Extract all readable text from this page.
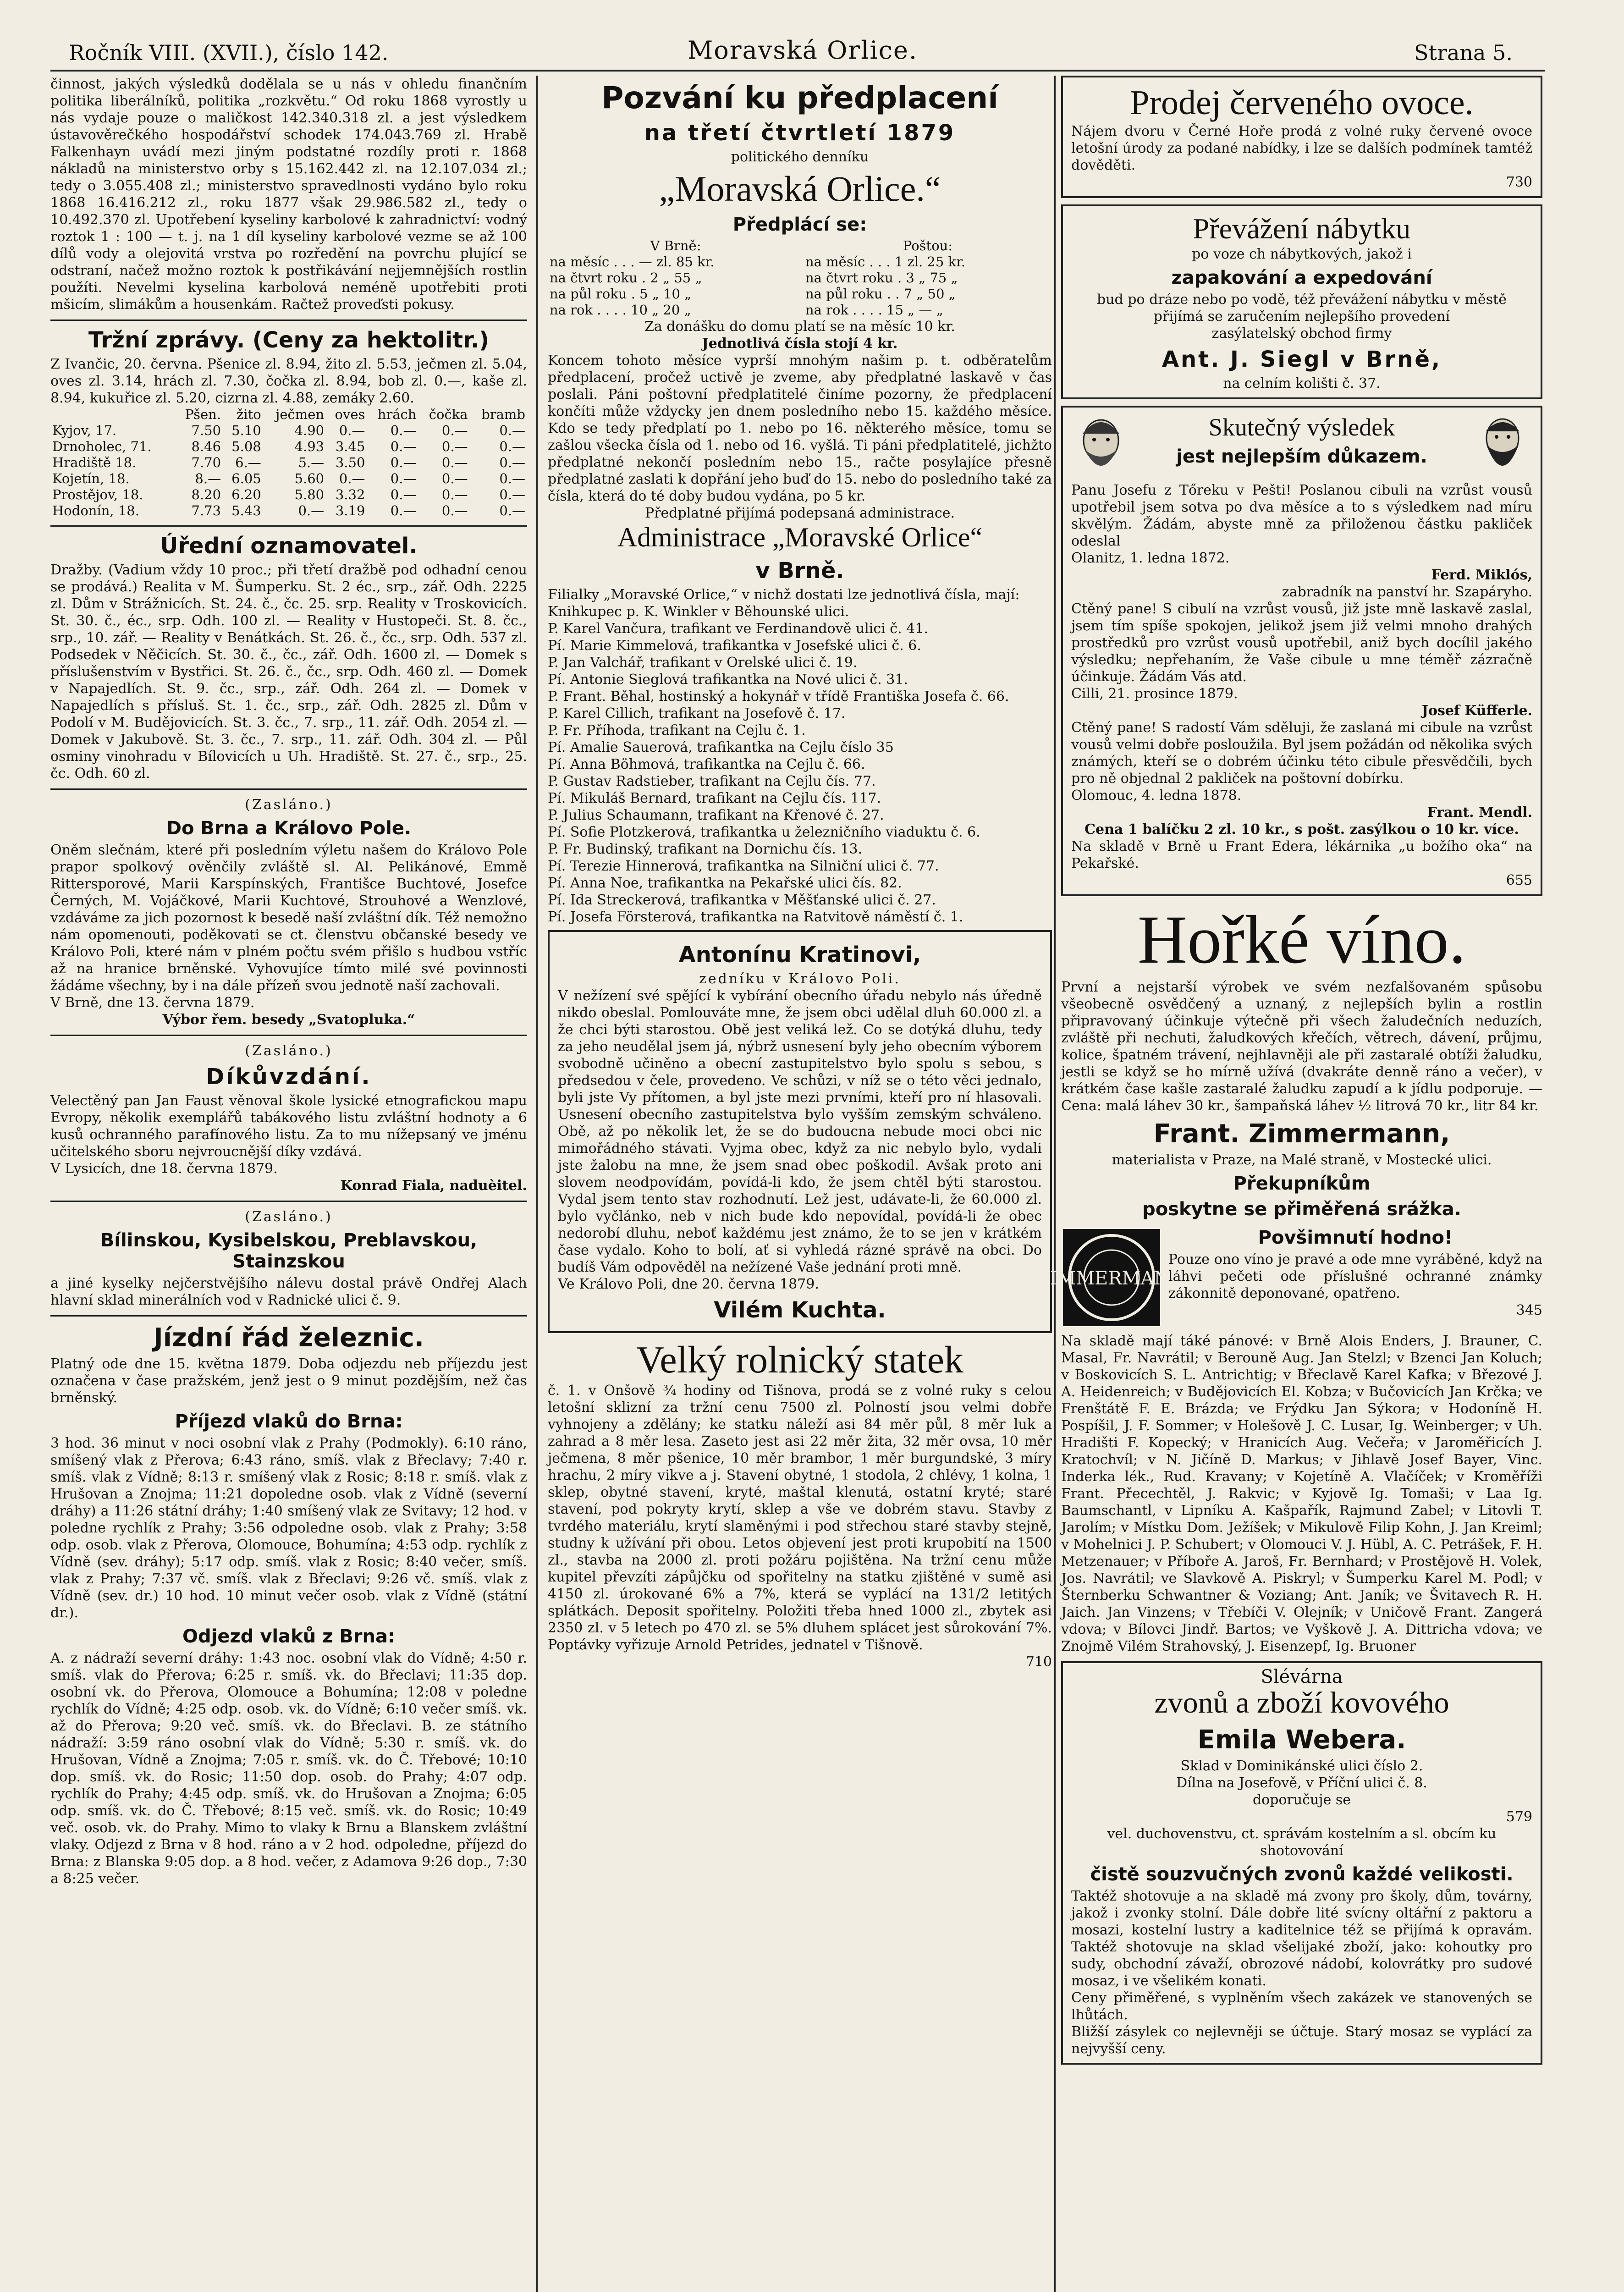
Ročník VIII. (XVII.), číslo 142.	Moravská Orlice.	Strana 5.

činnost, jakých výsledků dodělala se u nás v ohledu finančním politika liberálníků, politika „rozkvětu.“ Od roku 1868 vyrostly u nás vydaje pouze o maličkost 142.340.318 zl. a jest výsledkem ústavověrečkého hospodářství schodek 174.043.769 zl. Hrabě Falkenhayn uvádí mezi jiným podstatné rozdíly proti r. 1868 nákladů na ministerstvo orby s 15.162.442 zl. na 12.107.034 zl.; tedy o 3.055.408 zl.; ministerstvo spravedlnosti vydáno bylo roku 1868 16.416.212 zl., roku 1877 však 29.986.582 zl., tedy o 10.492.370 zl. Upotřebení kyseliny karbolové k zahradnictví: vodný roztok 1 : 100 — t. j. na 1 díl kyseliny karbolové vezme se až 100 dílů vody a olejovitá vrstva po rozředění na povrchu plující se odstraní, načež možno roztok k postřikávání nejjemnějších rostlin použíti. Nevelmi kyselina karbolová neméně upotřebiti proti mšicím, slimákům a housenkám. Račtež proveďsti pokusy.

Tržní zprávy. (Ceny za hektolitr.)

Z Ivančic, 20. června. Pšenice zl. 8.94, žito zl. 5.53, ječmen zl. 5.04, oves zl. 3.14, hrách zl. 7.30, čočka zl. 8.94, bob zl. 0.—, kaše zl. 8.94, kukuřice zl. 5.20, cizrna zl. 4.88, zemáky 2.60.

	Pšen.	žito	ječmen	oves	hrách	čočka	bramb
Kyjov, 17.	7.50	5.10	4.90	0.—	0.—	0.—	0.—
Drnoholec, 71.	8.46	5.08	4.93	3.45	0.—	0.—	0.—
Hradiště 18.	7.70	6.—	5.—	3.50	0.—	0.—	0.—
Kojetín, 18.	8.—	6.05	5.60	0.—	0.—	0.—	0.—
Prostějov, 18.	8.20	6.20	5.80	3.32	0.—	0.—	0.—
Hodonín, 18.	7.73	5.43	0.—	3.19	0.—	0.—	0.—
Úřední oznamovatel.

Dražby. (Vadium vždy 10 proc.; při třetí dražbě pod odhadní cenou se prodává.) Realita v M. Šumperku. St. 2 éc., srp., zář. Odh. 2225 zl. Dům v Strážnicích. St. 24. č., čc. 25. srp. Reality v Troskovicích. St. 30. č., éc., srp. Odh. 100 zl. — Reality v Hustopeči. St. 8. čc., srp., 10. zář. — Reality v Benátkách. St. 26. č., čc., srp. Odh. 537 zl. Podsedek v Něčicích. St. 30. č., čc., zář. Odh. 1600 zl. — Domek s příslušenstvím v Bystřici. St. 26. č., čc., srp. Odh. 460 zl. — Domek v Napajedlích. St. 9. čc., srp., zář. Odh. 264 zl. — Domek v Napajedlích s přísluš. St. 1. čc., srp., zář. Odh. 2825 zl. Dům v Podolí v M. Budějovicích. St. 3. čc., 7. srp., 11. zář. Odh. 2054 zl. — Domek v Jakubově. St. 3. čc., 7. srp., 11. zář. Odh. 304 zl. — Půl osminy vinohradu v Bílovicích u Uh. Hradiště. St. 27. č., srp., 25. čc. Odh. 60 zl.

(Zasláno.)
Do Brna a Královo Pole.

Oněm slečnám, které při posledním výletu našem do Královo Pole prapor spolkový ověnčily zvláště sl. Al. Pelikánové, Emmě Rittersporové, Marii Karspínských, Františce Buchtové, Josefce Černých, M. Vojáčkové, Marii Kuchtové, Strouhové a Wenzlové, vzdáváme za jich pozornost k besedě naší zvláštní dík. Též nemožno nám opomenouti, poděkovati se ct. členstvu občanské besedy ve Královo Poli, které nám v plném počtu svém přišlo s hudbou vstříc až na hranice brněnské. Vyhovujíce tímto milé své povinnosti žádáme všechny, by i na dále přízeň svou jednotě naší zachovali.

V Brně, dne 13. června 1879.

Výbor řem. besedy „Svatopluka.“

(Zasláno.)
Díkůvzdání.

Velectěný pan Jan Faust věnoval škole lysické etnografickou mapu Evropy, několik exemplářů tabákového listu zvláštní hodnoty a 6 kusů ochranného parafínového listu. Za to mu nížepsaný ve jménu učitelského sboru nejvroucnější díky vzdává.

V Lysicích, dne 18. června 1879.

Konrad Fiala, naduèitel.

(Zasláno.)
Bílinskou, Kysibelskou, Preblavskou, Stainzskou

a jiné kyselky nejčerstvějšího nálevu dostal právě Ondřej Alach hlavní sklad minerálních vod v Radnické ulici č. 9.

Jízdní řád železnic.

Platný ode dne 15. května 1879. Doba odjezdu neb příjezdu jest označena v čase pražském, jenž jest o 9 minut pozdějším, než čas brněnský.

Příjezd vlaků do Brna:

3 hod. 36 minut v noci osobní vlak z Prahy (Podmokly). 6:10 ráno, smíšený vlak z Přerova; 6:43 ráno, smíš. vlak z Břeclavy; 7:40 r. smíš. vlak z Vídně; 8:13 r. smíšený vlak z Rosic; 8:18 r. smíš. vlak z Hrušovan a Znojma; 11:21 dopoledne osob. vlak z Vídně (severní dráhy) a 11:26 státní dráhy; 1:40 smíšený vlak ze Svitavy; 12 hod. v poledne rychlík z Prahy; 3:56 odpoledne osob. vlak z Prahy; 3:58 odp. osob. vlak z Přerova, Olomouce, Bohumína; 4:53 odp. rychlík z Vídně (sev. dráhy); 5:17 odp. smíš. vlak z Rosic; 8:40 večer, smíš. vlak z Prahy; 7:37 vč. smíš. vlak z Břeclavi; 9:26 vč. smíš. vlak z Vídně (sev. dr.) 10 hod. 10 minut večer osob. vlak z Vídně (státní dr.).

Odjezd vlaků z Brna:

A. z nádraží severní dráhy: 1:43 noc. osobní vlak do Vídně; 4:50 r. smíš. vlak do Přerova; 6:25 r. smíš. vk. do Břeclavi; 11:35 dop. osobní vk. do Přerova, Olomouce a Bohumína; 12:08 v poledne rychlík do Vídně; 4:25 odp. osob. vk. do Vídně; 6:10 večer smíš. vk. až do Přerova; 9:20 več. smíš. vk. do Břeclavi. B. ze státního nádraží: 3:59 ráno osobní vlak do Vídně; 5:30 r. smíš. vk. do Hrušovan, Vídně a Znojma; 7:05 r. smíš. vk. do Č. Třebové; 10:10 dop. smíš. vk. do Rosic; 11:50 dop. osob. do Prahy; 4:07 odp. rychlík do Prahy; 4:45 odp. smíš. vk. do Hrušovan a Znojma; 6:05 odp. smíš. vk. do Č. Třebové; 8:15 več. smíš. vk. do Rosic; 10:49 več. osob. vk. do Prahy. Mimo to vlaky k Brnu a Blanskem zvláštní vlaky. Odjezd z Brna v 8 hod. ráno a v 2 hod. odpoledne, příjezd do Brna: z Blanska 9:05 dop. a 8 hod. večer, z Adamova 9:26 dop., 7:30 a 8:25 večer.

Pozvání ku předplacení
na třetí čtvrtletí 1879
politického denníku
„Moravská Orlice.“
Předplácí se:
V Brně:	Poštou:
na měsíc . . . — zl. 85 kr.	na měsíc . . . 1 zl. 25 kr.
na čtvrt roku . 2 „ 55 „	na čtvrt roku . 3 „ 75 „
na půl roku . 5 „ 10 „	na půl roku . . 7 „ 50 „
na rok . . . . 10 „ 20 „	na rok . . . . 15 „ — „

Za donášku do domu platí se na měsíc 10 kr.

Jednotlivá čísla stojí 4 kr.

Koncem tohoto měsíce vyprší mnohým našim p. t. odběratelům předplacení, pročež uctivě je zveme, aby předplatné laskavě v čas poslali. Páni poštovní předplatitelé činíme pozorny, že předplacení končíti může vždycky jen dnem posledního nebo 15. každého měsíce. Kdo se tedy předplatí po 1. nebo po 16. některého měsíce, tomu se zašlou všecka čísla od 1. nebo od 16. vyšlá. Ti páni předplatitelé, jichžto předplatné nekončí posledním nebo 15., račte posylajíce přesně předplatné zaslati k dopřání jeho buď do 15. nebo do posledního také za čísla, která do té doby budou vydána, po 5 kr.

Předplatné přijímá podepsaná administrace.

Administrace „Moravské Orlice“
v Brně.

Filialky „Moravské Orlice,“ v nichž dostati lze jednotlivá čísla, mají:

Knihkupec p. K. Winkler v Běhounské ulici.

P. Karel Vančura, trafikant ve Ferdinandově ulici č. 41.

Pí. Marie Kimmelová, trafikantka v Josefské ulici č. 6.

P. Jan Valchář, trafikant v Orelské ulici č. 19.

Pí. Antonie Sieglová trafikantka na Nové ulici č. 31.

P. Frant. Běhal, hostinský a hokynář v třídě Františka Josefa č. 66.

P. Karel Cillich, trafikant na Josefově č. 17.

P. Fr. Příhoda, trafikant na Cejlu č. 1.

Pí. Amalie Sauerová, trafikantka na Cejlu číslo 35

Pí. Anna Böhmová, trafikantka na Cejlu č. 66.

P. Gustav Radstieber, trafikant na Cejlu čís. 77.

Pí. Mikuláš Bernard, trafikant na Cejlu čís. 117.

P. Julius Schaumann, trafikant na Křenové č. 27.

Pí. Sofie Plotzkerová, trafikantka u železničního viaduktu č. 6.

P. Fr. Budinský, trafikant na Dornichu čís. 13.

Pí. Terezie Hinnerová, trafikantka na Silniční ulici č. 77.

Pí. Anna Noe, trafikantka na Pekařské ulici čís. 82.

Pí. Ida Streckerová, trafikantka v Měšťanské ulici č. 27.

Pí. Josefa Försterová, trafikantka na Ratvitově náměstí č. 1.

Antonínu Kratinovi,
zedníku v Královo Poli.

V nežízení své spějící k vybírání obecního úřadu nebylo nás úředně nikdo obeslal. Pomlouváte mne, že jsem obci udělal dluh 60.000 zl. a že chci býti starostou. Obě jest veliká lež. Co se dotýká dluhu, tedy za jeho neudělal jsem já, nýbrž usnesení byly jeho obecním výborem svobodně učiněno a obecní zastupitelstvo bylo spolu s sebou, s předsedou v čele, provedeno. Ve schůzi, v níž se o této věci jednalo, byli jste Vy přítomen, a byl jste mezi prvními, kteří pro ní hlasovali. Usnesení obecního zastupitelstva bylo vyšším zemským schváleno. Obě, až po několik let, že se do budoucna nebude moci obci nic mimořádného stávati. Vyjma obec, když za nic nebylo bylo, vydali jste žalobu na mne, že jsem snad obec poškodil. Avšak proto ani slovem neodpovídám, povídá-li kdo, že jsem chtěl býti starostou. Vydal jsem tento stav rozhodnutí. Lež jest, udávate-li, že 60.000 zl. bylo vyčlánko, neb v nich bude kdo nepovídal, povídá-li že obec nedorobí dluhu, neboť každému jest známo, že to se jen v krátkém čase vydalo. Koho to bolí, ať si vyhledá rázné správě na obci. Do budíš Vám odpověděl na nežízené Vaše jednání proti mně.

Ve Královo Poli, dne 20. června 1879.

Vilém Kuchta.
Velký rolnický statek

č. 1. v Onšově ¾ hodiny od Tišnova, prodá se z volné ruky s celou letošní sklizní za tržní cenu 7500 zl. Polností jsou velmi dobře vyhnojeny a zdělány; ke statku náleží asi 84 měr půl, 8 měr luk a zahrad a 8 měr lesa. Zaseto jest asi 22 měr žita, 32 měr ovsa, 10 měr ječmena, 8 měr pšenice, 10 měr brambor, 1 měr burgundské, 3 míry hrachu, 2 míry vikve a j. Stavení obytné, 1 stodola, 2 chlévy, 1 kolna, 1 sklep, obytné stavení, kryté, maštal klenutá, ostatní kryté; staré stavení, pod pokryty krytí, sklep a vše ve dobrém stavu. Stavby z tvrdého materiálu, krytí slaměnými i pod střechou staré stavby stejně, studny k užívání při obou. Letos objevení jest proti krupobití na 1500 zl., stavba na 2000 zl. proti požáru pojištěna. Na tržní cenu může kupitel převzíti zápůjčku od spořitelny na statku zjištěné v sumě asi 4150 zl. úrokované 6% a 7%, která se vyplácí na 131/2 letitých splátkách. Deposit spořitelny. Položiti třeba hned 1000 zl., zbytek asi 2350 zl. v 5 letech po 470 zl. se 5% dluhem splácet jest sůrokování 7%. Poptávky vyřizuje Arnold Petrides, jednatel v Tišnově.

710

Prodej červeného ovoce.

Nájem dvoru v Černé Hoře prodá z volné ruky červené ovoce letošní úrody za podané nabídky, i lze se dalších podmínek tamtéž dověděti.

730

Převážení nábytku

po voze ch nábytkových, jakož i

zapakování a expedování

bud po dráze nebo po vodě, též převážení nábytku v městě přijímá se zaručením nejlepšího provedení

zasýlatelský obchod firmy

Ant. J. Siegl v Brně,

na celním kolišti č. 37.

Skutečný výsledek
jest nejlepším důkazem.

Panu Josefu z Tőreku v Pešti! Poslanou cibuli na vzrůst vousů upotřebil jsem sotva po dva měsíce a to s výsledkem nad míru skvělým. Žádám, abyste mně za přiloženou částku pakliček odeslal

Olanitz, 1. ledna 1872.

Ferd. Miklós,

zabradník na panství hr. Szapáryho.

Ctěný pane! S cibulí na vzrůst vousů, již jste mně laskavě zaslal, jsem tím spíše spokojen, jelikož jsem již velmi mnoho drahých prostředků pro vzrůst vousů upotřebil, aniž bych docílil jakého výsledku; nepřehaním, že Vaše cibule u mne téměř zázračně účinkuje. Žádám Vás atd.

Cilli, 21. prosince 1879.

Josef Küfferle.

Ctěný pane! S radostí Vám sděluji, že zaslaná mi cibule na vzrůst vousů velmi dobře posloužila. Byl jsem požádán od několika svých známých, kteří se o dobrém účinku této cibule přesvědčili, bych pro ně objednal 2 pakliček na poštovní dobírku.

Olomouc, 4. ledna 1878.

Frant. Mendl.

Cena 1 balíčku 2 zl. 10 kr., s pošt. zasýlkou o 10 kr. více.

Na skladě v Brně u Frant Edera, lékárnika „u božího oka“ na Pekařské.

655

Hořké víno.

První a nejstarší výrobek ve svém nezfalšovaném spůsobu všeobecně osvědčený a uznaný, z nejlepších bylin a rostlin připravovaný účinkuje výtečně při všech žaludečních neduzích, zvláště při nechuti, žaludkových křečích, větrech, dávení, průjmu, kolice, špatném trávení, nejhlavněji ale při zastaralé obtíži žaludku, jestli se když se ho mírně užívá (dvakráte denně ráno a večer), v krátkém čase kašle zastaralé žaludku zapudí a k jídlu podporuje. — Cena: malá láhev 30 kr., šampaňská láhev ½ litrová 70 kr., litr 84 kr.

Frant. Zimmermann,

materialista v Praze, na Malé straně, v Mostecké ulici.

Překupníkům
poskytne se přiměřená srážka.
ZIMMERMANN
Povšimnutí hodno!

Pouze ono víno je pravé a ode mne vyráběné, když na láhvi pečeti ode příslušné ochranné známky zákonnitě deponované, opatřeno.

345

Na skladě mají táké pánové: v Brně Alois Enders, J. Brauner, C. Masal, Fr. Navrátil; v Berouně Aug. Jan Stelzl; v Bzenci Jan Koluch; v Boskovicích S. L. Antrichtig; v Břeclavě Karel Kafka; v Březové J. A. Heidenreich; v Budějovicích El. Kobza; v Bučovicích Jan Krčka; ve Frenštátě F. E. Brázda; ve Frýdku Jan Sýkora; v Hodoníně H. Pospíšil, J. F. Sommer; v Holešově J. C. Lusar, Ig. Weinberger; v Uh. Hradišti F. Kopecký; v Hranicích Aug. Večeřa; v Jaroměřicích J. Kratochvíl; v N. Jičíně D. Markus; v Jihlavě Josef Bayer, Vinc. Inderka lék., Rud. Kravany; v Kojetíně A. Vlačíček; v Kroměříži Frant. Přecechtěl, J. Rakvic; v Kyjově Ig. Tomaši; v Laa Ig. Baumschantl, v Lipníku A. Kašpařík, Rajmund Zabel; v Litovli T. Jarolím; v Místku Dom. Ježíšek; v Mikulově Filip Kohn, J. Jan Kreiml; v Mohelnici J. P. Schubert; v Olomouci V. J. Hübl, A. C. Petrášek, F. H. Metzenauer; v Příboře A. Jaroš, Fr. Bernhard; v Prostějově H. Volek, Jos. Navrátil; ve Slavkově A. Piskryl; v Šumperku Karel M. Podl; v Šternberku Schwantner & Voziang; Ant. Janík; ve Švitavech R. H. Jaich. Jan Vinzens; v Třebíči V. Olejník; v Uničově Frant. Zangerá vdova; v Bílovci Jindř. Bartos; ve Vyškově J. A. Dittricha vdova; ve Znojmě Vilém Strahovský, J. Eisenzepf, Ig. Bruoner

Slévárna
zvonů a zboží kovového
Emila Webera.

Sklad v Dominikánské ulici číslo 2.

Dílna na Josefově, v Příční ulici č. 8.

doporučuje se

579

vel. duchovenstvu, ct. správám kostelním a sl. obcím ku shotovování

čistě souzvučných zvonů každé velikosti.

Taktéž shotovuje a na skladě má zvony pro školy, dům, továrny, jakož i zvonky stolní. Dále dobře lité svícny oltářní z paktoru a mosazi, kostelní lustry a kaditelnice též se přijímá k opravám. Taktéž shotovuje na sklad všelijaké zboží, jako: kohoutky pro sudy, obchodní závaží, obrozové nádobí, kolovrátky pro sudové mosaz, i ve všelikém konati.

Ceny přiměřené, s vyplněním všech zakázek ve stanovených se lhůtách.

Bližší zásylek co nejlevněji se účtuje. Starý mosaz se vyplácí za nejvyšší ceny.
